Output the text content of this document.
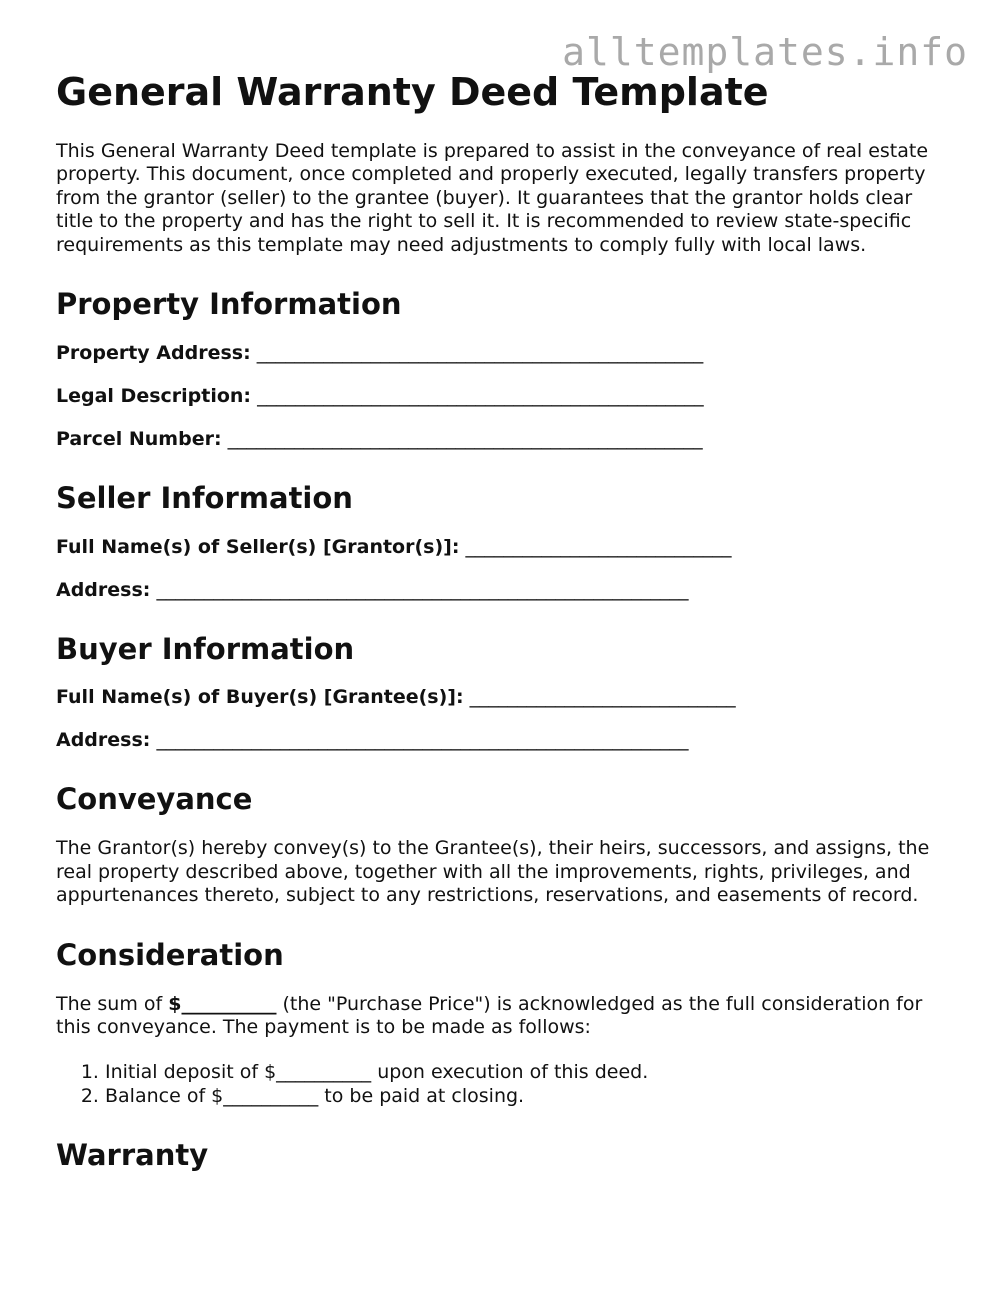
alltemplates.info
General Warranty Deed Template

This General Warranty Deed template is prepared to assist in the conveyance of real estate property. This document, once completed and properly executed, legally transfers property from the grantor (seller) to the grantee (buyer). It guarantees that the grantor holds clear title to the property and has the right to sell it. It is recommended to review state-specific requirements as this template may need adjustments to comply fully with local laws.

Property Information
Property Address: _______________________________________________
Legal Description: _______________________________________________
Parcel Number: __________________________________________________
Seller Information
Full Name(s) of Seller(s) [Grantor(s)]: ____________________________
Address: ________________________________________________________
Buyer Information
Full Name(s) of Buyer(s) [Grantee(s)]: ____________________________
Address: ________________________________________________________
Conveyance

The Grantor(s) hereby convey(s) to the Grantee(s), their heirs, successors, and assigns, the real property described above, together with all the improvements, rights, privileges, and appurtenances thereto, subject to any restrictions, reservations, and easements of record.

Consideration

The sum of $__________ (the "Purchase Price") is acknowledged as the full consideration for this conveyance. The payment is to be made as follows:

1. Initial deposit of $__________ upon execution of this deed.
2. Balance of $__________ to be paid at closing.
Warranty
